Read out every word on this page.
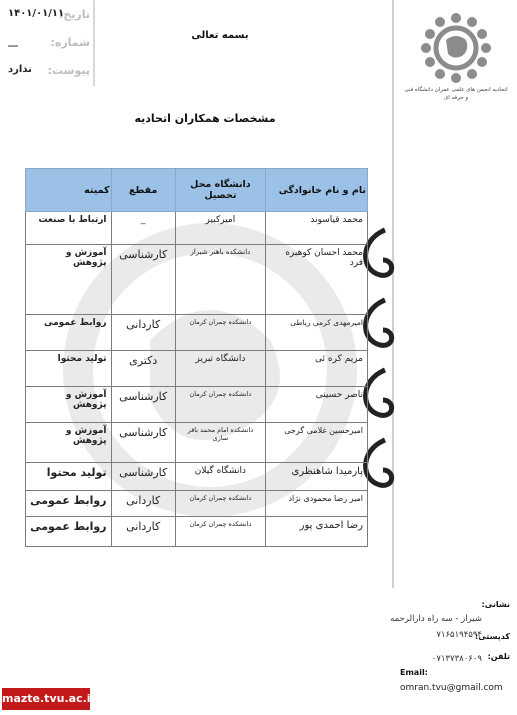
تاریخ:
۱۴۰۱/۰۱/۱۱
شماره:
__
پیوست:
ندارد
بسمه تعالی
مشخصات همکاران اتحادیه
اتحادیه انجمن های علمی عمران دانشگاه فنی و حرفه ای
نام و نام خانوادگی	دانشگاه محل تحصیل	مقطع	کمیته
محمد قیاسوند	امیرکبیر	_	ارتباط با صنعت
محمد احسان کوهبره فرد	دانشکده باهنر شیراز	کارشناسی	آموزش و پژوهش
امیرمهدی کرمی ریاطی	دانشکده چمران کرمان	کاردانی	روابط عمومی
مریم کره ئی	دانشگاه تبریز	دکتری	تولید محتوا
ناصر حسینی	دانشکده چمران کرمان	کارشناسی	آموزش و پژوهش
امیرحسین غلامی گرجی	دانشکده امام محمد باقر ساری	کارشناسی	آموزش و پژوهش
پارمیدا شاهنظری	دانشگاه گیلان	کارشناسی	تولید محتوا
امیر رضا محمودی نژاد	دانشکده چمران کرمان	کاردانی	روابط عمومی
رضا احمدی پور	دانشکده چمران کرمان	کاردانی	روابط عمومی
نشانی:
شیراز - سه راه دارالرحمه
کدپستی:
۷۱۶۵۱۹۴۵۹۴
تلفن:
۰۷۱۳۷۳۸۰۶۰۹
Email:
omran.tvu@gmail.com
mazte.tvu.ac.ir
